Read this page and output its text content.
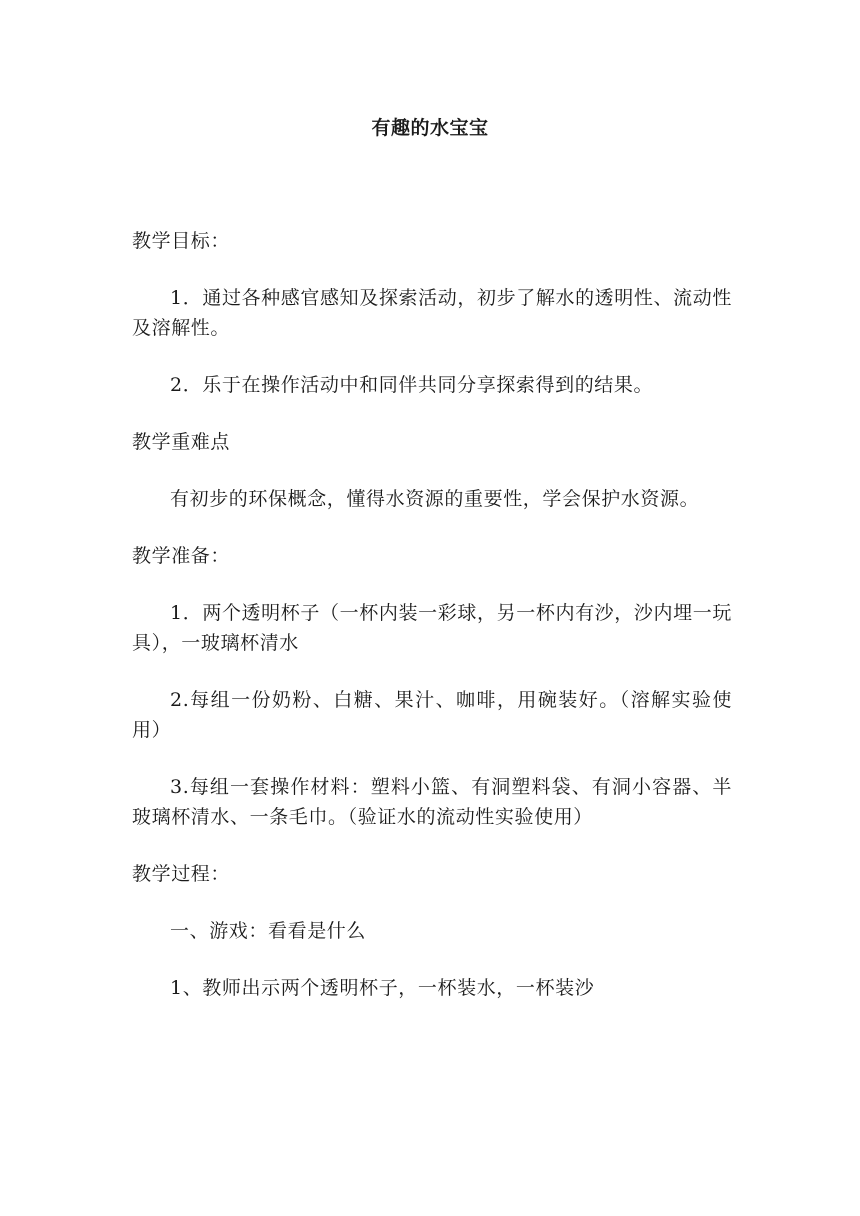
有趣的水宝宝

教学目标：

1．通过各种感官感知及探索活动，初步了解水的透明性、流动性及溶解性。

2．乐于在操作活动中和同伴共同分享探索得到的结果。

教学重难点

有初步的环保概念，懂得水资源的重要性，学会保护水资源。

教学准备：

1．两个透明杯子（一杯内装一彩球，另一杯内有沙，沙内埋一玩具），一玻璃杯清水

2.每组一份奶粉、白糖、果汁、咖啡，用碗装好。（溶解实验使用）

3.每组一套操作材料：塑料小篮、有洞塑料袋、有洞小容器、半玻璃杯清水、一条毛巾。（验证水的流动性实验使用）

教学过程：

一、游戏：看看是什么

1、教师出示两个透明杯子，一杯装水，一杯装沙
